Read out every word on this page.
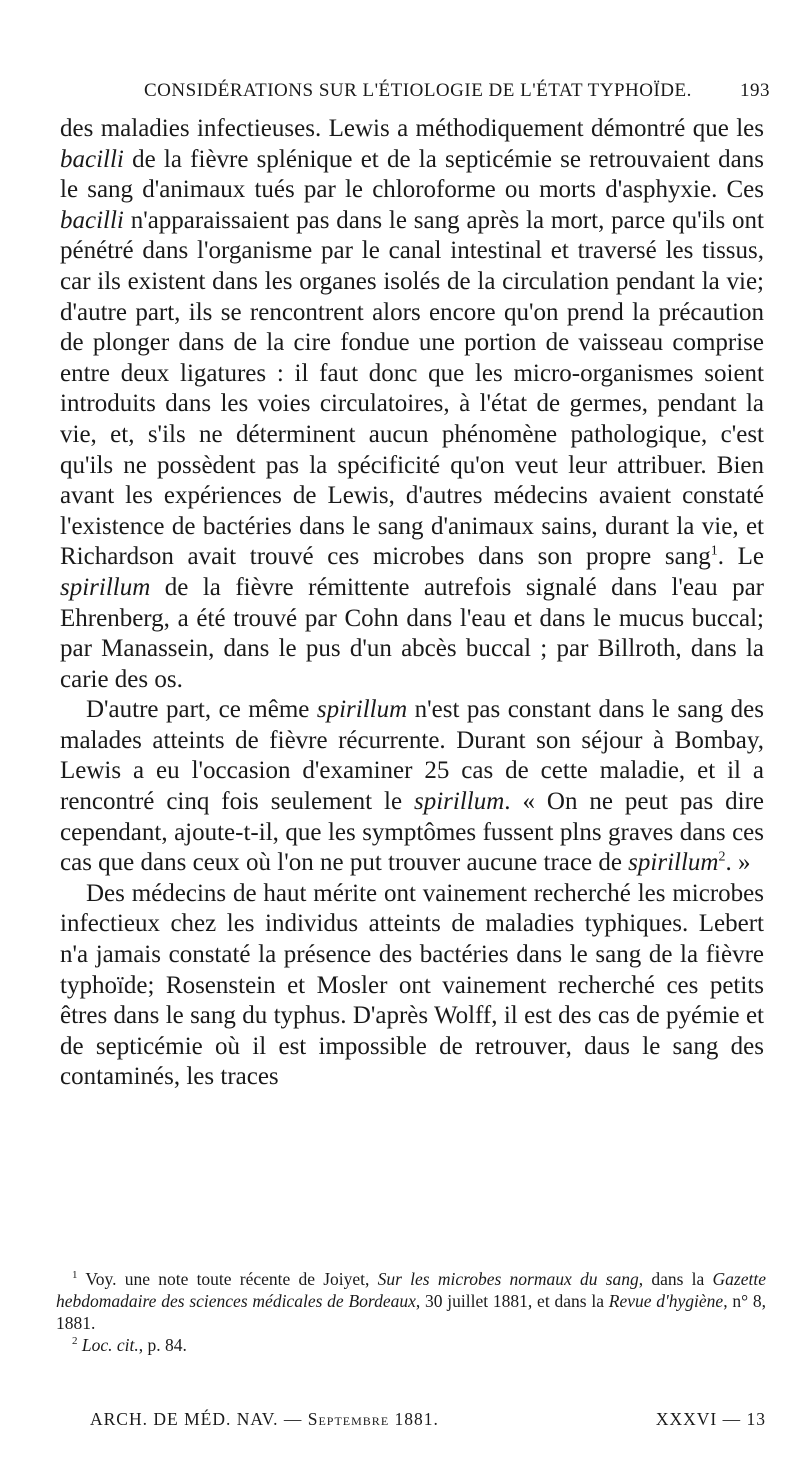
CONSIDÉRATIONS SUR L'ÉTIOLOGIE DE L'ÉTAT TYPHOÏDE.	193

des maladies infectieuses. Lewis a méthodiquement démontré que les bacilli de la fièvre splénique et de la septicémie se retrouvaient dans le sang d'animaux tués par le chloroforme ou morts d'asphyxie. Ces bacilli n'apparaissaient pas dans le sang après la mort, parce qu'ils ont pénétré dans l'organisme par le canal intestinal et traversé les tissus, car ils existent dans les organes isolés de la circulation pendant la vie; d'autre part, ils se rencontrent alors encore qu'on prend la précaution de plonger dans de la cire fondue une portion de vaisseau comprise entre deux ligatures : il faut donc que les micro-organismes soient introduits dans les voies circulatoires, à l'état de germes, pendant la vie, et, s'ils ne déterminent aucun phénomène pathologique, c'est qu'ils ne possèdent pas la spécificité qu'on veut leur attribuer. Bien avant les expériences de Lewis, d'autres médecins avaient constaté l'existence de bactéries dans le sang d'animaux sains, durant la vie, et Richardson avait trouvé ces microbes dans son propre sang$^1$. Le spirillum de la fièvre rémittente autrefois signalé dans l'eau par Ehrenberg, a été trouvé par Cohn dans l'eau et dans le mucus buccal; par Manassein, dans le pus d'un abcès buccal ; par Billroth, dans la carie des os.

D'autre part, ce même spirillum n'est pas constant dans le sang des malades atteints de fièvre récurrente. Durant son séjour à Bombay, Lewis a eu l'occasion d'examiner 25 cas de cette maladie, et il a rencontré cinq fois seulement le spirillum. « On ne peut pas dire cependant, ajoute-t-il, que les symptômes fussent plns graves dans ces cas que dans ceux où l'on ne put trouver aucune trace de spirillum$^2$. »

Des médecins de haut mérite ont vainement recherché les microbes infectieux chez les individus atteints de maladies typhiques. Lebert n'a jamais constaté la présence des bactéries dans le sang de la fièvre typhoïde; Rosenstein et Mosler ont vainement recherché ces petits êtres dans le sang du typhus. D'après Wolff, il est des cas de pyémie et de septicémie où il est impossible de retrouver, daus le sang des contaminés, les traces

$^1$ Voy. une note toute récente de Joiyet, Sur les microbes normaux du sang, dans la Gazette hebdomadaire des sciences médicales de Bordeaux, 30 juillet 1881, et dans la Revue d'hygiène, n° 8, 1881.

$^2$ Loc. cit., p. 84.

ARCH. DE MÉD. NAV. — Septembre 1881.	XXXVI — 13
